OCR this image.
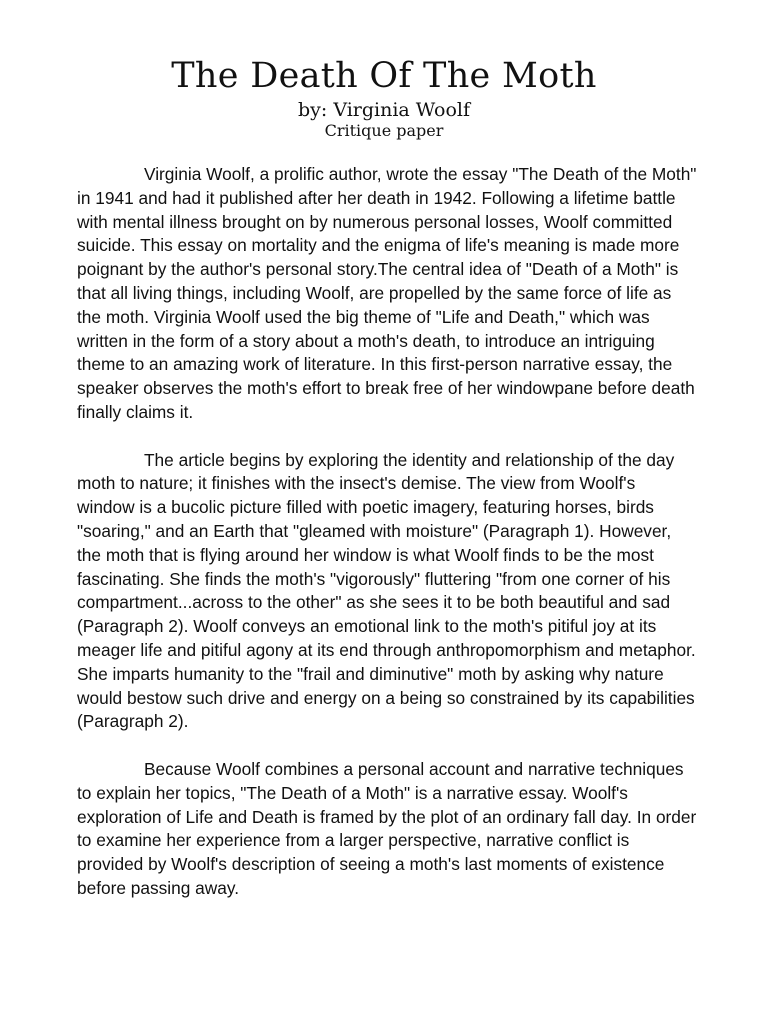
The Death Of The Moth
by: Virginia Woolf
Critique paper

Virginia Woolf, a prolific author, wrote the essay "The Death of the Moth" in 1941 and had it published after her death in 1942. Following a lifetime battle with mental illness brought on by numerous personal losses, Woolf committed suicide. This essay on mortality and the enigma of life's meaning is made more poignant by the author's personal story.The central idea of "Death of a Moth" is that all living things, including Woolf, are propelled by the same force of life as the moth. Virginia Woolf used the big theme of "Life and Death," which was written in the form of a story about a moth's death, to introduce an intriguing theme to an amazing work of literature. In this first-person narrative essay, the speaker observes the moth's effort to break free of her windowpane before death finally claims it.

The article begins by exploring the identity and relationship of the day moth to nature; it finishes with the insect's demise. The view from Woolf's window is a bucolic picture filled with poetic imagery, featuring horses, birds "soaring," and an Earth that "gleamed with moisture" (Paragraph 1). However, the moth that is flying around her window is what Woolf finds to be the most fascinating. She finds the moth's "vigorously" fluttering "from one corner of his compartment...across to the other" as she sees it to be both beautiful and sad (Paragraph 2). Woolf conveys an emotional link to the moth's pitiful joy at its meager life and pitiful agony at its end through anthropomorphism and metaphor. She imparts humanity to the "frail and diminutive" moth by asking why nature would bestow such drive and energy on a being so constrained by its capabilities (Paragraph 2).

Because Woolf combines a personal account and narrative techniques to explain her topics, "The Death of a Moth" is a narrative essay. Woolf's exploration of Life and Death is framed by the plot of an ordinary fall day. In order to examine her experience from a larger perspective, narrative conflict is provided by Woolf's description of seeing a moth's last moments of existence before passing away.
